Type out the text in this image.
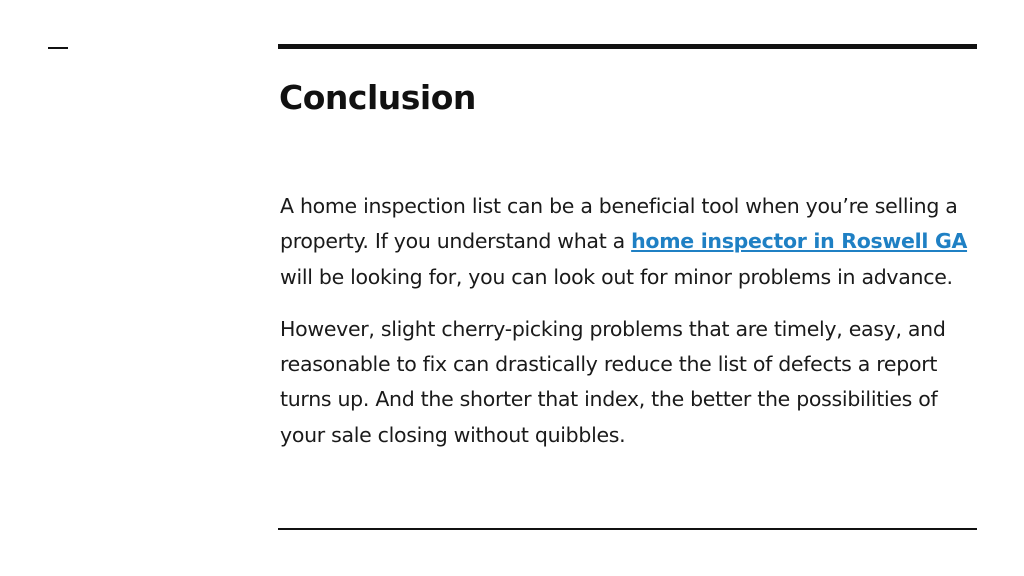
Conclusion

A home inspection list can be a beneficial tool when you’re selling a property. If you understand what a home inspector in Roswell GA will be looking for, you can look out for minor problems in advance.

However, slight cherry-picking problems that are timely, easy, and reasonable to fix can drastically reduce the list of defects a report turns up. And the shorter that index, the better the possibilities of your sale closing without quibbles.
